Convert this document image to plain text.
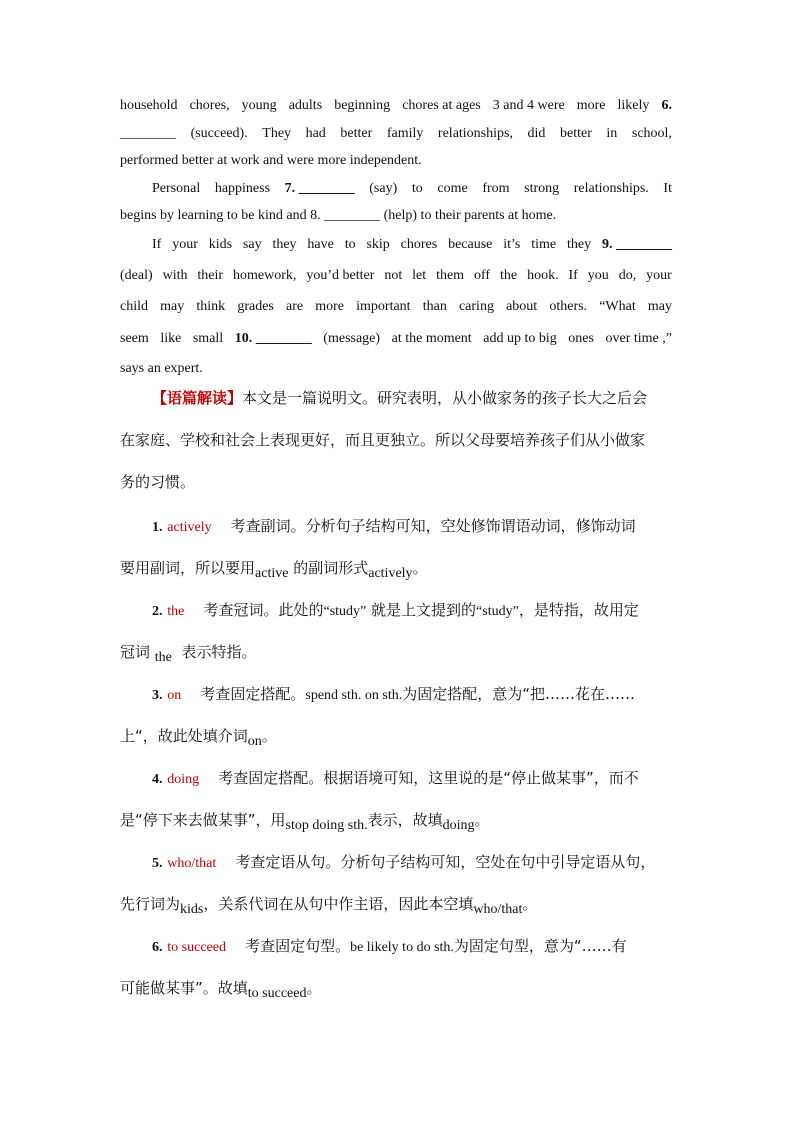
household chores, young adults beginning chores at ages 3 and 4 were more likely 6.
________ (succeed). They had better family relationships, did better in school,
performed better at work and were more independent.
Personal happiness 7. ________ (say) to come from strong relationships. It
begins by learning to be kind and 8. ________ (help) to their parents at home.
If your kids say they have to skip chores because it’s time they 9. ________
(deal) with their homework, you’d better not let them off the hook. If you do, your
child may think grades are more important than caring about others. “What may
seem like small 10. ________ (message) at the moment add up to big ones over time ,”
says an expert.
【语篇解读】本文是一篇说明文。研究表明，从小做家务的孩子长大之后会
在家庭、学校和社会上表现更好，而且更独立。所以父母要培养孩子们从小做家
务的习惯。
1. actively 考查副词。分析句子结构可知，空处修饰谓语动词，修饰动词
要用副词，所以要用active 的副词形式actively。
2. the 考查冠词。此处的“study” 就是上文提到的“study”，是特指，故用定
冠词 the 表示特指。
3. on 考查固定搭配。spend sth. on sth.为固定搭配，意为“把……花在……
上“，故此处填介词on。
4. doing 考查固定搭配。根据语境可知，这里说的是“停止做某事”，而不
是“停下来去做某事”，用stop doing sth.表示，故填doing。
5. who/that 考查定语从句。分析句子结构可知，空处在句中引导定语从句，
先行词为kids，关系代词在从句中作主语，因此本空填who/that。
6. to succeed 考查固定句型。be likely to do sth.为固定句型，意为“……有
可能做某事”。故填to succeed。
